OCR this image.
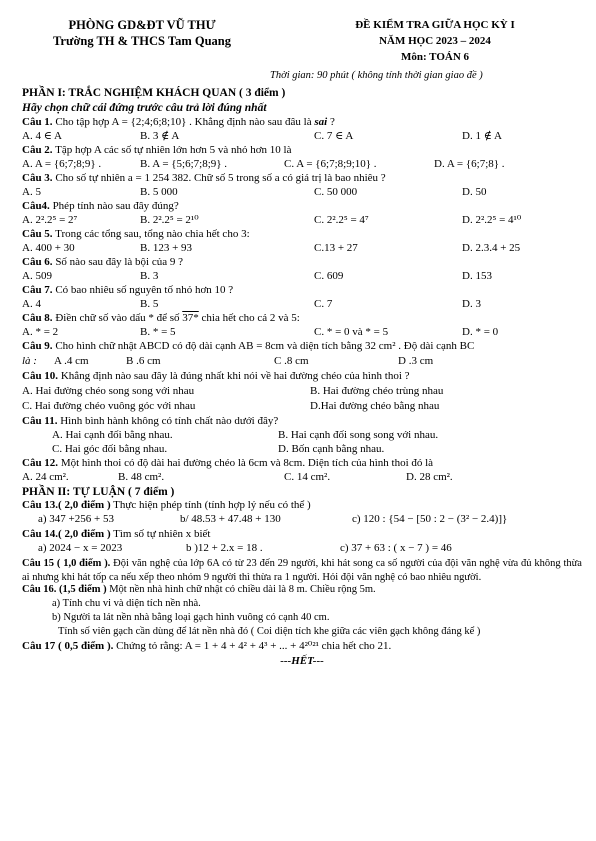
PHÒNG GD&ĐT VŨ THƯ
Trường TH & THCS Tam Quang
ĐỀ KIỂM TRA GIỮA HỌC KỲ I
NĂM HỌC 2023 – 2024
Môn: TOÁN 6
Thời gian: 90 phút ( không tính thời gian giao đề )
PHẦN I: TRẮC NGHIỆM KHÁCH QUAN ( 3 điểm )
Hãy chọn chữ cái đứng trước câu trả lời đúng nhất
Câu 1. Cho tập hợp A = {2;4;6;8;10} . Khẳng định nào sau đâu là sai ?
A. 4 ∈ A	B. 3 ∉ A	C. 7 ∈ A	D. 1 ∉ A
Câu 2. Tập hợp A các số tự nhiên lớn hơn 5 và nhỏ hơn 10 là
A. A = {6;7;8;9} .	B. A = {5;6;7;8;9} .	C. A = {6;7;8;9;10} .	D. A = {6;7;8} .
Câu 3. Cho số tự nhiên a = 1 254 382. Chữ số 5 trong số a có giá trị là bao nhiêu ?
A. 5	B. 5 000	C. 50 000	D. 50
Câu4. Phép tính nào sau đây đúng?
A. 2².2⁵ = 2⁷	B. 2².2⁵ = 2¹⁰	C. 2².2⁵ = 4⁷	D. 2².2⁵ = 4¹⁰
Câu 5. Trong các tổng sau, tổng nào chia hết cho 3:
A. 400 + 30	B. 123 + 93	C.13 + 27	D. 2.3.4 + 25
Câu 6. Số nào sau đây là bội của 9 ?
A. 509	B. 3	C. 609	D. 153
Câu 7. Có bao nhiêu số nguyên tố nhỏ hơn 10 ?
A. 4	B. 5	C. 7	D. 3
Câu 8. Điền chữ số vào dấu * để số 37* chia hết cho cả 2 và 5:
A. * = 2	B. * = 5	C. * = 0 và * = 5	D. * = 0
Câu 9. Cho hình chữ nhật ABCD có độ dài cạnh AB = 8cm và diện tích bằng 32 cm² . Độ dài cạnh BC
là : A .4 cm	B .6 cm	C .8 cm	D .3 cm
Câu 10. Khẳng định nào sau đây là đúng nhất khi nói về hai đường chéo của hình thoi ?
A. Hai đường chéo song song với nhau	B. Hai đường chéo trùng nhau
C. Hai đường chéo vuông góc với nhau	D.Hai đường chéo bằng nhau
Câu 11. Hình bình hành không có tính chất nào dưới đây?
A. Hai cạnh đối bằng nhau.	B. Hai cạnh đối song song với nhau.
C. Hai góc đối bằng nhau.	D. Bốn cạnh bằng nhau.
Câu 12. Một hình thoi có độ dài hai đường chéo là 6cm và 8cm. Diện tích của hình thoi đó là
A. 24 cm².	B. 48 cm².	C. 14 cm².	D. 28 cm².
PHẦN II: TỰ LUẬN ( 7 điểm )
Câu 13.( 2,0 điểm ) Thực hiện phép tính (tính hợp lý nếu có thể )
a) 347 +256 + 53	b/ 48.53 + 47.48 + 130	c) 120 : {54 − [50 : 2 − (3² − 2.4)]}
Câu 14.( 2,0 điểm ) Tìm số tự nhiên x biết
a) 2024 − x = 2023	b )12 + 2.x = 18 .	c) 37 + 63 : ( x − 7 ) = 46
Câu 15 ( 1,0 điểm ). Đội văn nghệ của lớp 6A có từ 23 đến 29 người, khi hát song ca số người của đội văn nghệ vừa đủ không thừa ai nhưng khi hát tốp ca nếu xếp theo nhóm 9 người thì thừa ra 1 người. Hỏi đội văn nghệ có bao nhiêu người.
Câu 16. (1,5 điểm ) Một nền nhà hình chữ nhật có chiều dài là 8 m. Chiều rộng 5m.
a) Tính chu vi và diện tích nền nhà.
b) Người ta lát nền nhà bằng loại gạch hình vuông có cạnh 40 cm.
Tính số viên gạch cần dùng để lát nền nhà đó ( Coi diện tích khe giữa các viên gạch không đáng kể )
Câu 17 ( 0,5 điểm ). Chứng tỏ rằng: A = 1 + 4 + 4² + 4³ + ... + 4²⁰²¹ chia hết cho 21.
---HẾT---
